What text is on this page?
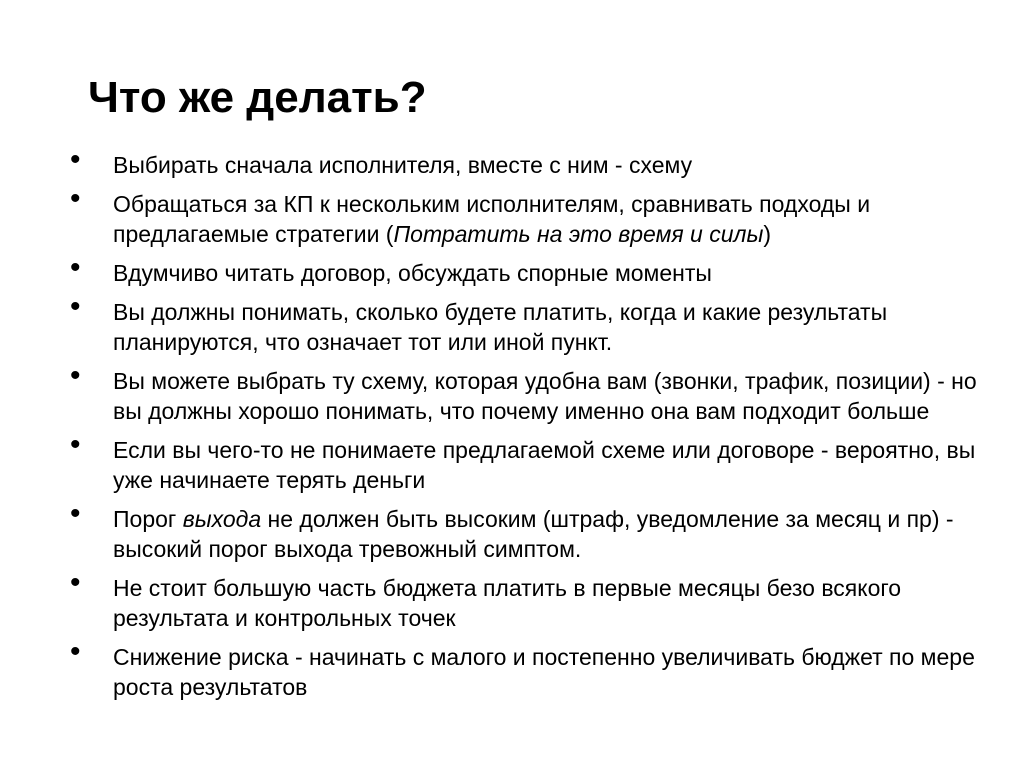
Что же делать?
• Выбирать сначала исполнителя, вместе с ним - схему
• Обращаться за КП к нескольким исполнителям, сравнивать подходы и предлагаемые стратегии (Потратить на это время и силы)
• Вдумчиво читать договор, обсуждать спорные моменты
• Вы должны понимать, сколько будете платить, когда и какие результаты планируются, что означает тот или иной пункт.
• Вы можете выбрать ту схему, которая удобна вам (звонки, трафик, позиции) - но вы должны хорошо понимать, что почему именно она вам подходит больше
• Если вы чего-то не понимаете предлагаемой схеме или договоре - вероятно, вы уже начинаете терять деньги
• Порог выхода не должен быть высоким (штраф, уведомление за месяц и пр) - высокий порог выхода тревожный симптом.
• Не стоит большую часть бюджета платить в первые месяцы безо всякого результата и контрольных точек
• Снижение риска - начинать с малого и постепенно увеличивать бюджет по мере роста результатов
